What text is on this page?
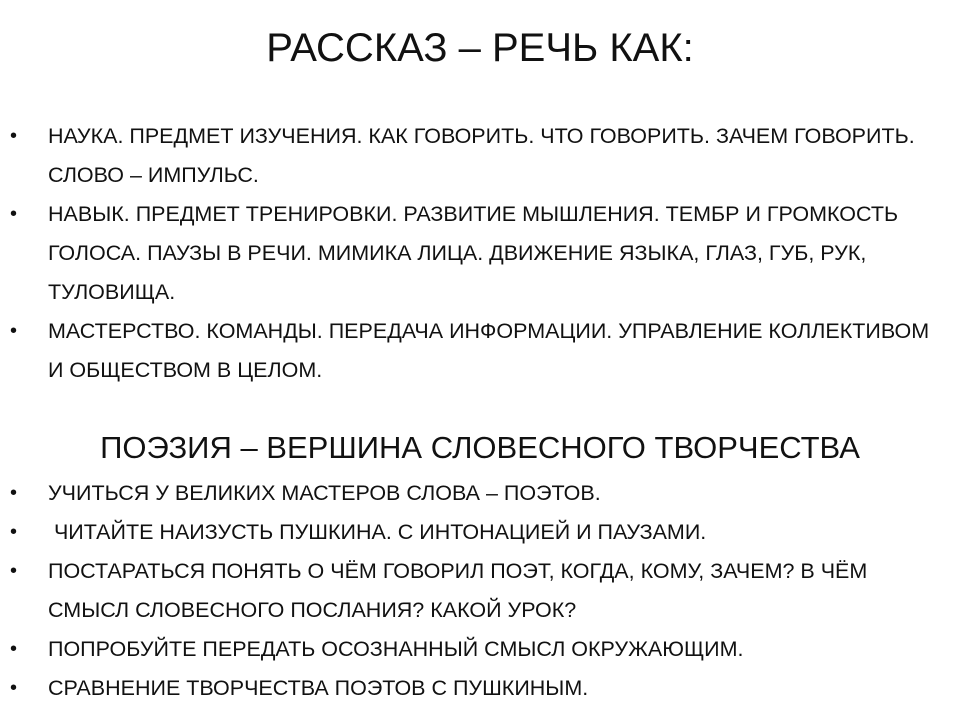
РАССКАЗ – РЕЧЬ КАК:
•	НАУКА. ПРЕДМЕТ ИЗУЧЕНИЯ. КАК ГОВОРИТЬ. ЧТО ГОВОРИТЬ. ЗАЧЕМ ГОВОРИТЬ. СЛОВО – ИМПУЛЬС.
•	НАВЫК. ПРЕДМЕТ ТРЕНИРОВКИ. РАЗВИТИЕ МЫШЛЕНИЯ. ТЕМБР И ГРОМКОСТЬ ГОЛОСА. ПАУЗЫ В РЕЧИ. МИМИКА ЛИЦА. ДВИЖЕНИЕ ЯЗЫКА, ГЛАЗ, ГУБ, РУК, ТУЛОВИЩА.
•	МАСТЕРСТВО. КОМАНДЫ. ПЕРЕДАЧА ИНФОРМАЦИИ. УПРАВЛЕНИЕ КОЛЛЕКТИВОМ И ОБЩЕСТВОМ В ЦЕЛОМ.
ПОЭЗИЯ – ВЕРШИНА СЛОВЕСНОГО ТВОРЧЕСТВА
•	УЧИТЬСЯ У ВЕЛИКИХ МАСТЕРОВ СЛОВА – ПОЭТОВ.
•	ЧИТАЙТЕ НАИЗУСТЬ ПУШКИНА. С ИНТОНАЦИЕЙ И ПАУЗАМИ.
•	ПОСТАРАТЬСЯ ПОНЯТЬ О ЧЁМ ГОВОРИЛ ПОЭТ, КОГДА, КОМУ, ЗАЧЕМ? В ЧЁМ СМЫСЛ СЛОВЕСНОГО ПОСЛАНИЯ? КАКОЙ УРОК?
•	ПОПРОБУЙТЕ ПЕРЕДАТЬ ОСОЗНАННЫЙ СМЫСЛ ОКРУЖАЮЩИМ.
•	СРАВНЕНИЕ ТВОРЧЕСТВА ПОЭТОВ С ПУШКИНЫМ.
